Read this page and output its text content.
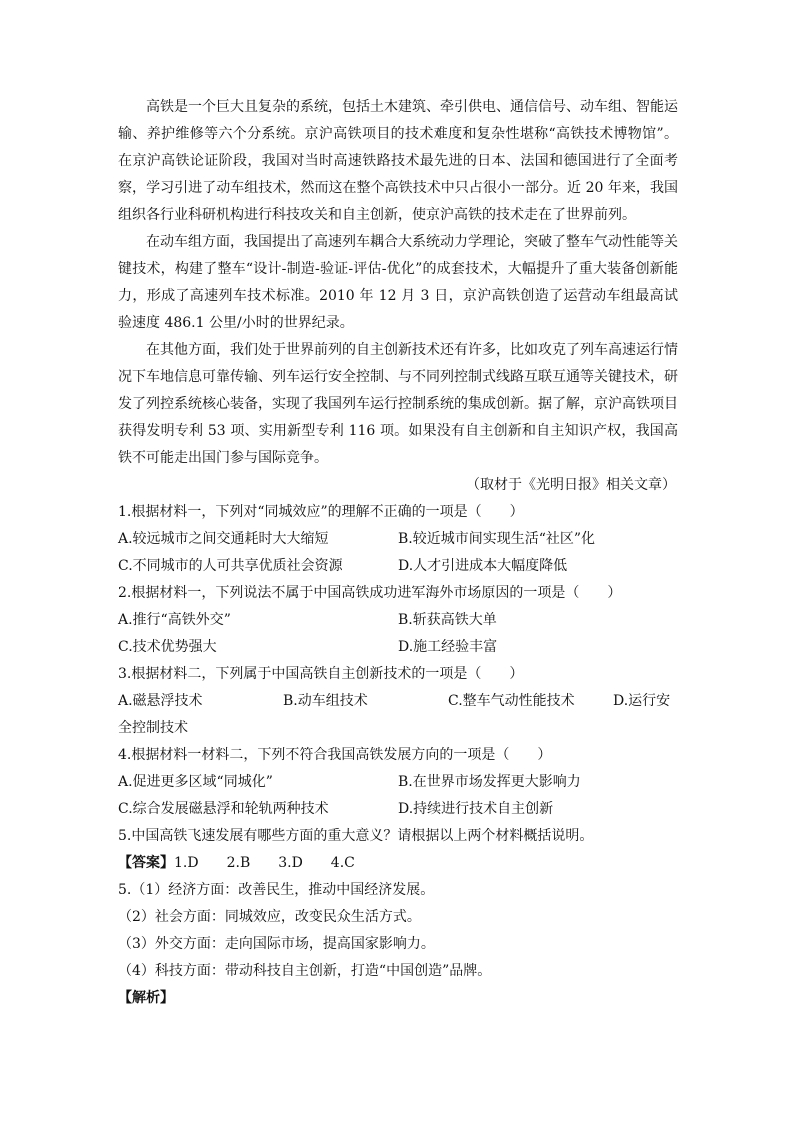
高铁是一个巨大且复杂的系统，包括土木建筑、牵引供电、通信信号、动车组、智能运输、养护维修等六个分系统。京沪高铁项目的技术难度和复杂性堪称“高铁技术博物馆”。在京沪高铁论证阶段，我国对当时高速铁路技术最先进的日本、法国和德国进行了全面考察，学习引进了动车组技术，然而这在整个高铁技术中只占很小一部分。近 20 年来，我国组织各行业科研机构进行科技攻关和自主创新，使京沪高铁的技术走在了世界前列。

在动车组方面，我国提出了高速列车耦合大系统动力学理论，突破了整车气动性能等关键技术，构建了整车“设计-制造-验证-评估-优化”的成套技术，大幅提升了重大装备创新能力，形成了高速列车技术标准。2010 年 12 月 3 日，京沪高铁创造了运营动车组最高试验速度 486.1 公里/小时的世界纪录。

在其他方面，我们处于世界前列的自主创新技术还有许多，比如攻克了列车高速运行情况下车地信息可靠传输、列车运行安全控制、与不同列控制式线路互联互通等关键技术，研发了列控系统核心装备，实现了我国列车运行控制系统的集成创新。据了解，京沪高铁项目获得发明专利 53 项、实用新型专利 116 项。如果没有自主创新和自主知识产权，我国高铁不可能走出国门参与国际竞争。

（取材于《光明日报》相关文章）

1.根据材料一，下列对“同城效应”的理解不正确的一项是（　　）

A.较远城市之间交通耗时大大缩短	B.较近城市间实现生活“社区”化
C.不同城市的人可共享优质社会资源	D.人才引进成本大幅度降低

2.根据材料一，下列说法不属于中国高铁成功进军海外市场原因的一项是（　　）

A.推行“高铁外交”	B.斩获高铁大单
C.技术优势强大	D.施工经验丰富

3.根据材料二，下列属于中国高铁自主创新技术的一项是（　　）

A.磁悬浮技术	B.动车组技术	C.整车气动性能技术	D.运行安

全控制技术

4.根据材料一材料二，下列不符合我国高铁发展方向的一项是（　　）

A.促进更多区域“同城化”	B.在世界市场发挥更大影响力
C.综合发展磁悬浮和轮轨两种技术	D.持续进行技术自主创新

5.中国高铁飞速发展有哪些方面的重大意义？请根据以上两个材料概括说明。

【答案】1.D　　2.B　　3.D　　4.C

5.（1）经济方面：改善民生，推动中国经济发展。

（2）社会方面：同城效应，改变民众生活方式。

（3）外交方面：走向国际市场，提高国家影响力。

（4）科技方面：带动科技自主创新，打造“中国创造”品牌。

【解析】
